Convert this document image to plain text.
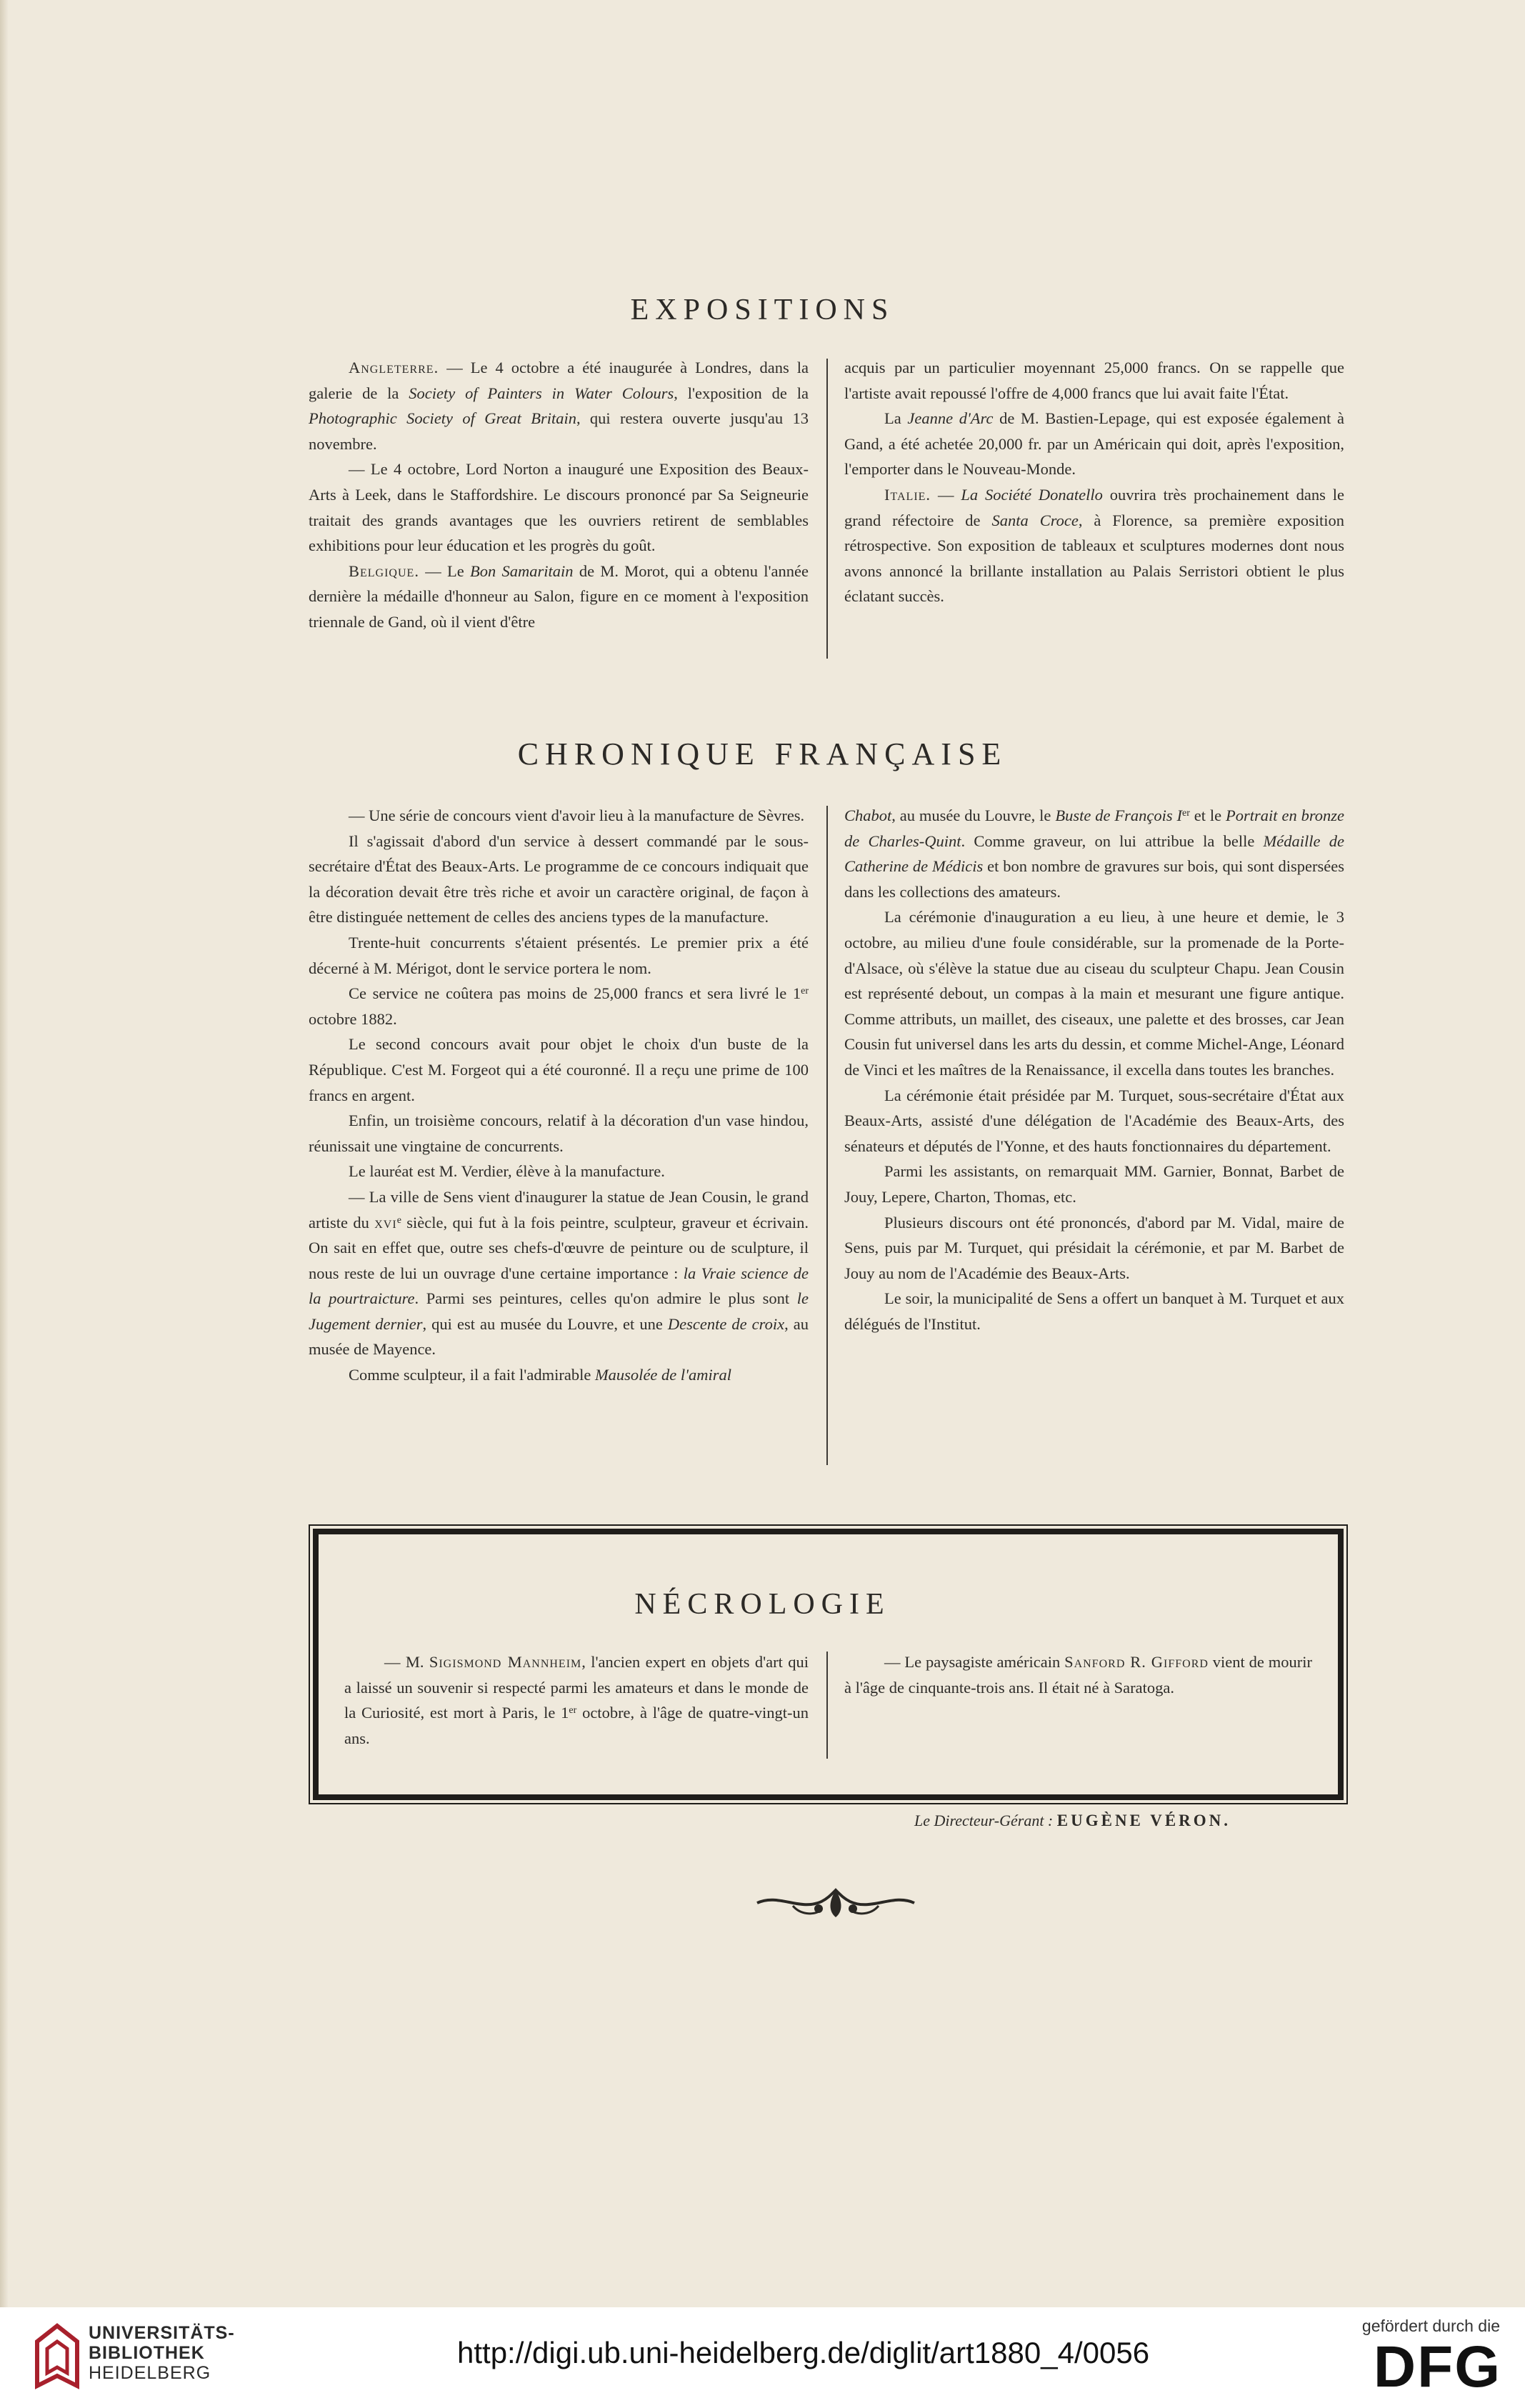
EXPOSITIONS

Angleterre. — Le 4 octobre a été inaugurée à Londres, dans la galerie de la Society of Painters in Water Colours, l'exposition de la Photographic Society of Great Britain, qui restera ouverte jusqu'au 13 novembre.

— Le 4 octobre, Lord Norton a inauguré une Exposition des Beaux-Arts à Leek, dans le Staffordshire. Le discours prononcé par Sa Seigneurie traitait des grands avantages que les ouvriers retirent de semblables exhibitions pour leur éducation et les progrès du goût.

Belgique. — Le Bon Samaritain de M. Morot, qui a obtenu l'année dernière la médaille d'honneur au Salon, figure en ce moment à l'exposition triennale de Gand, où il vient d'être

acquis par un particulier moyennant 25,000 francs. On se rappelle que l'artiste avait repoussé l'offre de 4,000 francs que lui avait faite l'État.

La Jeanne d'Arc de M. Bastien-Lepage, qui est exposée également à Gand, a été achetée 20,000 fr. par un Américain qui doit, après l'exposition, l'emporter dans le Nouveau-Monde.

Italie. — La Société Donatello ouvrira très prochainement dans le grand réfectoire de Santa Croce, à Florence, sa première exposition rétrospective. Son exposition de tableaux et sculptures modernes dont nous avons annoncé la brillante installation au Palais Serristori obtient le plus éclatant succès.

CHRONIQUE FRANÇAISE

— Une série de concours vient d'avoir lieu à la manufacture de Sèvres.

Il s'agissait d'abord d'un service à dessert commandé par le sous-secrétaire d'État des Beaux-Arts. Le programme de ce concours indiquait que la décoration devait être très riche et avoir un caractère original, de façon à être distinguée nettement de celles des anciens types de la manufacture.

Trente-huit concurrents s'étaient présentés. Le premier prix a été décerné à M. Mérigot, dont le service portera le nom.

Ce service ne coûtera pas moins de 25,000 francs et sera livré le 1er octobre 1882.

Le second concours avait pour objet le choix d'un buste de la République. C'est M. Forgeot qui a été couronné. Il a reçu une prime de 100 francs en argent.

Enfin, un troisième concours, relatif à la décoration d'un vase hindou, réunissait une vingtaine de concurrents.

Le lauréat est M. Verdier, élève à la manufacture.

— La ville de Sens vient d'inaugurer la statue de Jean Cousin, le grand artiste du xvi$^e$ siècle, qui fut à la fois peintre, sculpteur, graveur et écrivain. On sait en effet que, outre ses chefs-d'œuvre de peinture ou de sculpture, il nous reste de lui un ouvrage d'une certaine importance : la Vraie science de la pourtraicture. Parmi ses peintures, celles qu'on admire le plus sont le Jugement dernier, qui est au musée du Louvre, et une Descente de croix, au musée de Mayence.

Comme sculpteur, il a fait l'admirable Mausolée de l'amiral

Chabot, au musée du Louvre, le Buste de François Ier et le Portrait en bronze de Charles-Quint. Comme graveur, on lui attribue la belle Médaille de Catherine de Médicis et bon nombre de gravures sur bois, qui sont dispersées dans les collections des amateurs.

La cérémonie d'inauguration a eu lieu, à une heure et demie, le 3 octobre, au milieu d'une foule considérable, sur la promenade de la Porte-d'Alsace, où s'élève la statue due au ciseau du sculpteur Chapu. Jean Cousin est représenté debout, un compas à la main et mesurant une figure antique. Comme attributs, un maillet, des ciseaux, une palette et des brosses, car Jean Cousin fut universel dans les arts du dessin, et comme Michel-Ange, Léonard de Vinci et les maîtres de la Renaissance, il excella dans toutes les branches.

La cérémonie était présidée par M. Turquet, sous-secrétaire d'État aux Beaux-Arts, assisté d'une délégation de l'Académie des Beaux-Arts, des sénateurs et députés de l'Yonne, et des hauts fonctionnaires du département.

Parmi les assistants, on remarquait MM. Garnier, Bonnat, Barbet de Jouy, Lepere, Charton, Thomas, etc.

Plusieurs discours ont été prononcés, d'abord par M. Vidal, maire de Sens, puis par M. Turquet, qui présidait la cérémonie, et par M. Barbet de Jouy au nom de l'Académie des Beaux-Arts.

Le soir, la municipalité de Sens a offert un banquet à M. Turquet et aux délégués de l'Institut.

NÉCROLOGIE

— M. Sigismond Mannheim, l'ancien expert en objets d'art qui a laissé un souvenir si respecté parmi les amateurs et dans le monde de la Curiosité, est mort à Paris, le 1er octobre, à l'âge de quatre-vingt-un ans.

— Le paysagiste américain Sanford R. Gifford vient de mourir à l'âge de cinquante-trois ans. Il était né à Saratoga.

Le Directeur-Gérant : EUGÈNE VÉRON.
UNIVERSITÄTS-
BIBLIOTHEK
HEIDELBERG
http://digi.ub.uni-heidelberg.de/diglit/art1880_4/0056
gefördert durch die
DFG
